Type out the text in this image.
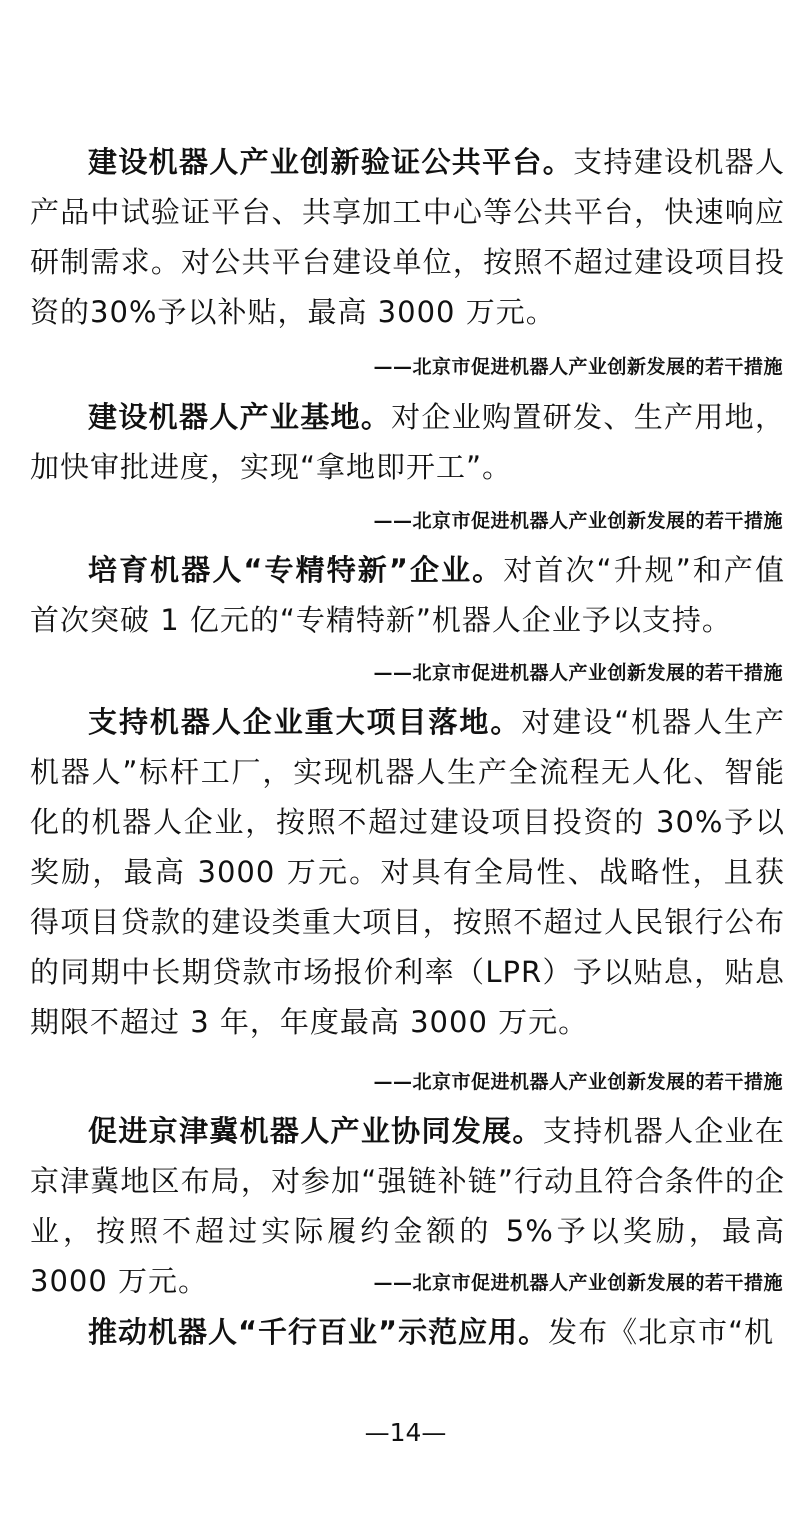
建设机器人产业创新验证公共平台。支持建设机器人产品中试验证平台、共享加工中心等公共平台，快速响应研制需求。对公共平台建设单位，按照不超过建设项目投资的30%予以补贴，最高 3000 万元。

——北京市促进机器人产业创新发展的若干措施

建设机器人产业基地。对企业购置研发、生产用地，加快审批进度，实现“拿地即开工”。

——北京市促进机器人产业创新发展的若干措施

培育机器人“专精特新”企业。对首次“升规”和产值首次突破 1 亿元的“专精特新”机器人企业予以支持。

——北京市促进机器人产业创新发展的若干措施

支持机器人企业重大项目落地。对建设“机器人生产机器人”标杆工厂，实现机器人生产全流程无人化、智能化的机器人企业，按照不超过建设项目投资的 30%予以奖励，最高 3000 万元。对具有全局性、战略性，且获得项目贷款的建设类重大项目，按照不超过人民银行公布的同期中长期贷款市场报价利率（LPR）予以贴息，贴息期限不超过 3 年，年度最高 3000 万元。

——北京市促进机器人产业创新发展的若干措施

促进京津冀机器人产业协同发展。支持机器人企业在京津冀地区布局，对参加“强链补链”行动且符合条件的企业，按照不超过实际履约金额的 5%予以奖励，最高 3000 万元。	——北京市促进机器人产业创新发展的若干措施

推动机器人“千行百业”示范应用。发布《北京市“机

—14—
